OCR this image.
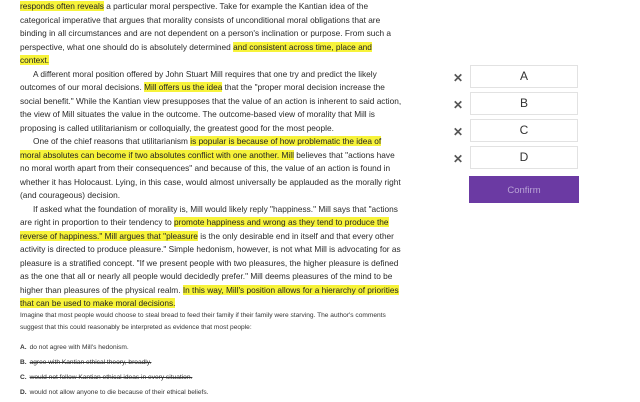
responds often reveals a particular moral perspective. Take for example the Kantian idea of the categorical imperative that argues that morality consists of unconditional moral obligations that are binding in all circumstances and are not dependent on a person's inclination or purpose. From such a perspective, what one should do is absolutely determined and consistent across time, place and context.

A different moral position offered by John Stuart Mill requires that one try and predict the likely outcomes of our moral decisions. Mill offers us the idea that the "proper moral decision increase the social benefit." While the Kantian view presupposes that the value of an action is inherent to said action, the view of Mill situates the value in the outcome. The outcome-based view of morality that Mill is proposing is called utilitarianism or colloquially, the greatest good for the most people.

One of the chief reasons that utilitarianism is popular is because of how problematic the idea of moral absolutes can become if two absolutes conflict with one another. Mill believes that "actions have no moral worth apart from their consequences" and because of this, the value of an action is found in whether it has Holocaust. Lying, in this case, would almost universally be applauded as the morally right (and courageous) decision.

If asked what the foundation of morality is, Mill would likely reply "happiness." Mill says that "actions are right in proportion to their tendency to promote happiness and wrong as they tend to produce the reverse of happiness." Mill argues that "pleasure is the only desirable end in itself and that every other activity is directed to produce pleasure." Simple hedonism, however, is not what Mill is advocating for as pleasure is a stratified concept. "If we present people with two pleasures, the higher pleasure is defined as the one that all or nearly all people would decidedly prefer." Mill deems pleasures of the mind to be higher than pleasures of the physical realm. In this way, Mill's position allows for a hierarchy of priorities that can be used to make moral decisions.

Imagine that most people would choose to steal bread to feed their family if their family were starving. The author's comments suggest that this could reasonably be interpreted as evidence that most people:

A. do not agree with Mill's hedonism.
B. agree with Kantian ethical theory, broadly.
C. would not follow Kantian ethical ideas in every situation.
D. would not allow anyone to die because of their ethical beliefs.
✕	A
✕	B
✕	C
✕	D
Confirm
